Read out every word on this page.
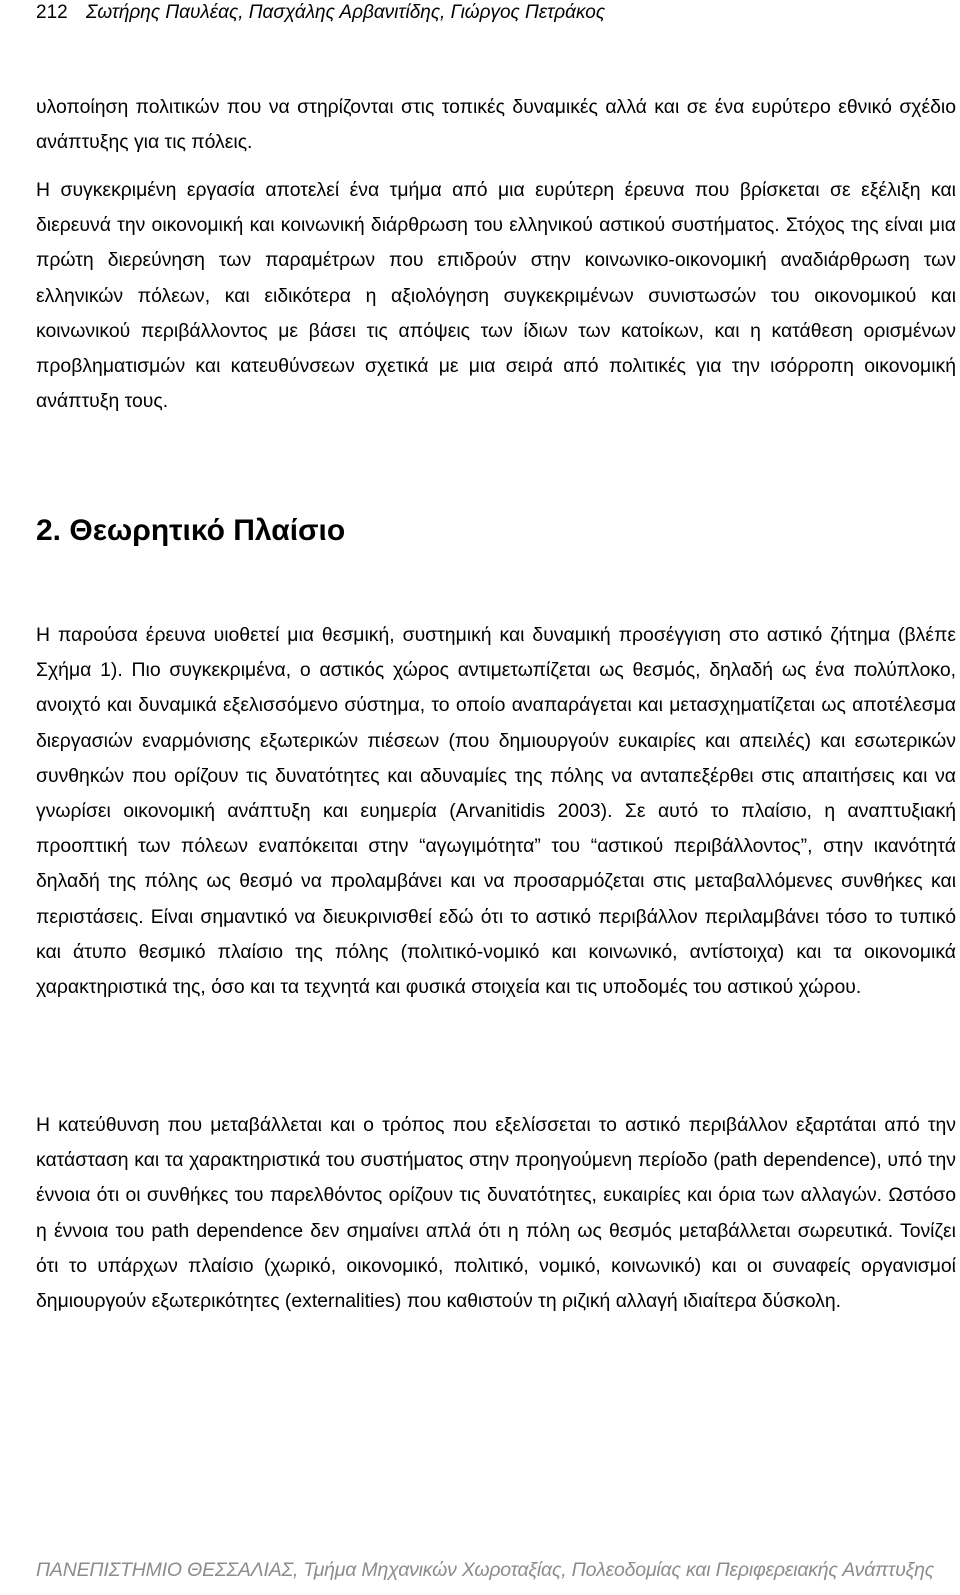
212 Σωτήρης Παυλέας, Πασχάλης Αρβανιτίδης, Γιώργος Πετράκος

υλοποίηση πολιτικών που να στηρίζονται στις τοπικές δυναμικές αλλά και σε ένα ευρύτερο εθνικό σχέδιο ανάπτυξης για τις πόλεις.

Η συγκεκριμένη εργασία αποτελεί ένα τμήμα από μια ευρύτερη έρευνα που βρίσκεται σε εξέλιξη και διερευνά την οικονομική και κοινωνική διάρθρωση του ελληνικού αστικού συστήματος. Στόχος της είναι μια πρώτη διερεύνηση των παραμέτρων που επιδρούν στην κοινωνικο-οικονομική αναδιάρθρωση των ελληνικών πόλεων, και ειδικότερα η αξιολόγηση συγκεκριμένων συνιστωσών του οικονομικού και κοινωνικού περιβάλλοντος με βάσει τις απόψεις των ίδιων των κατοίκων, και η κατάθεση ορισμένων προβληματισμών και κατευθύνσεων σχετικά με μια σειρά από πολιτικές για την ισόρροπη οικονομική ανάπτυξη τους.

2. Θεωρητικό Πλαίσιο

Η παρούσα έρευνα υιοθετεί μια θεσμική, συστημική και δυναμική προσέγγιση στο αστικό ζήτημα (βλέπε Σχήμα 1). Πιο συγκεκριμένα, ο αστικός χώρος αντιμετωπίζεται ως θεσμός, δηλαδή ως ένα πολύπλοκο, ανοιχτό και δυναμικά εξελισσόμενο σύστημα, το οποίο αναπαράγεται και μετασχηματίζεται ως αποτέλεσμα διεργασιών εναρμόνισης εξωτερικών πιέσεων (που δημιουργούν ευκαιρίες και απειλές) και εσωτερικών συνθηκών που ορίζουν τις δυνατότητες και αδυναμίες της πόλης να ανταπεξέρθει στις απαιτήσεις και να γνωρίσει οικονομική ανάπτυξη και ευημερία (Arvanitidis 2003). Σε αυτό το πλαίσιο, η αναπτυξιακή προοπτική των πόλεων εναπόκειται στην “αγωγιμότητα” του “αστικού περιβάλλοντος”, στην ικανότητά δηλαδή της πόλης ως θεσμό να προλαμβάνει και να προσαρμόζεται στις μεταβαλλόμενες συνθήκες και περιστάσεις. Είναι σημαντικό να διευκρινισθεί εδώ ότι το αστικό περιβάλλον περιλαμβάνει τόσο το τυπικό και άτυπο θεσμικό πλαίσιο της πόλης (πολιτικό-νομικό και κοινωνικό, αντίστοιχα) και τα οικονομικά χαρακτηριστικά της, όσο και τα τεχνητά και φυσικά στοιχεία και τις υποδομές του αστικού χώρου.

Η κατεύθυνση που μεταβάλλεται και ο τρόπος που εξελίσσεται το αστικό περιβάλλον εξαρτάται από την κατάσταση και τα χαρακτηριστικά του συστήματος στην προηγούμενη περίοδο (path dependence), υπό την έννοια ότι οι συνθήκες του παρελθόντος ορίζουν τις δυνατότητες, ευκαιρίες και όρια των αλλαγών. Ωστόσο η έννοια του path dependence δεν σημαίνει απλά ότι η πόλη ως θεσμός μεταβάλλεται σωρευτικά. Τονίζει ότι το υπάρχων πλαίσιο (χωρικό, οικονομικό, πολιτικό, νομικό, κοινωνικό) και οι συναφείς οργανισμοί δημιουργούν εξωτερικότητες (externalities) που καθιστούν τη ριζική αλλαγή ιδιαίτερα δύσκολη.

ΠΑΝΕΠΙΣΤΗΜΙΟ ΘΕΣΣΑΛΙΑΣ, Τμήμα Μηχανικών Χωροταξίας, Πολεοδομίας και Περιφερειακής Ανάπτυξης
